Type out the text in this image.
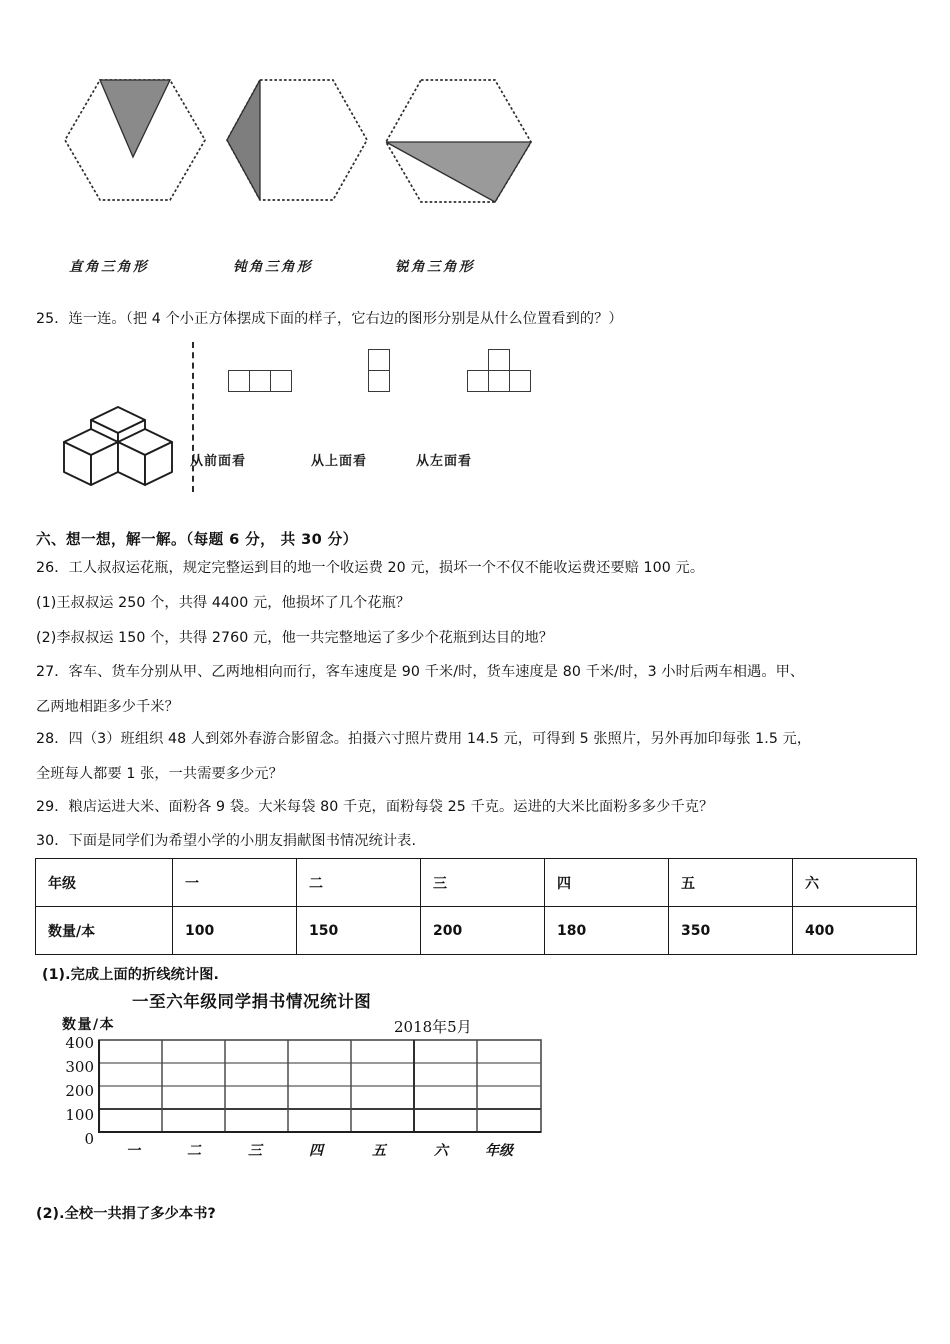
直角三角形	钝角三角形	锐角三角形
25．连一连。（把 4 个小正方体摆成下面的样子，它右边的图形分别是从什么位置看到的？）
从前面看	从上面看	从左面看
六、想一想，解一解。（每题 6 分， 共 30 分）
26．工人叔叔运花瓶，规定完整运到目的地一个收运费 20 元，损坏一个不仅不能收运费还要赔 100 元。
(1)王叔叔运 250 个，共得 4400 元，他损坏了几个花瓶？
(2)李叔叔运 150 个，共得 2760 元，他一共完整地运了多少个花瓶到达目的地？
27．客车、货车分别从甲、乙两地相向而行，客车速度是 90 千米/时，货车速度是 80 千米/时，3 小时后两车相遇。甲、
乙两地相距多少千米？
28．四（3）班组织 48 人到郊外春游合影留念。拍摄六寸照片费用 14.5 元，可得到 5 张照片，另外再加印每张 1.5 元，
全班每人都要 1 张，一共需要多少元？
29．粮店运进大米、面粉各 9 袋。大米每袋 80 千克，面粉每袋 25 千克。运进的大米比面粉多多少千克？
30．下面是同学们为希望小学的小朋友捐献图书情况统计表.
年级	一	二	三	四	五	六
数量/本	100	150	200	180	350	400
(1).完成上面的折线统计图.
一至六年级同学捐书情况统计图
数量/本	2018年5月
400
300
200
100
0
一	二	三	四	五	六	年级
(2).全校一共捐了多少本书?
